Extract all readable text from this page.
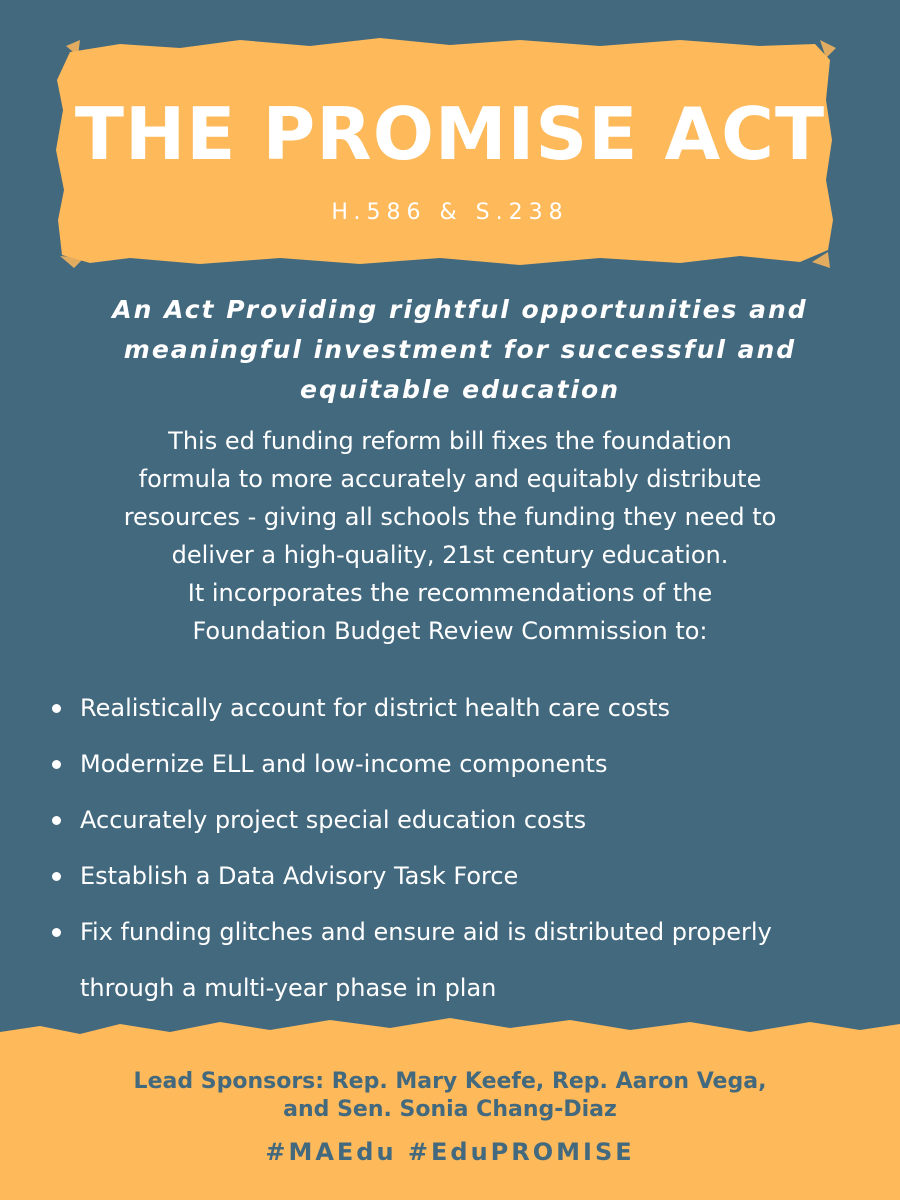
THE PROMISE ACT
H.586 & S.238

An Act Providing rightful opportunities and
meaningful investment for successful and
equitable education

This ed funding reform bill fixes the foundation
formula to more accurately and equitably distribute
resources - giving all schools the funding they need to
deliver a high-quality, 21st century education.
It incorporates the recommendations of the
Foundation Budget Review Commission to:

Realistically account for district health care costs
Modernize ELL and low-income components
Accurately project special education costs
Establish a Data Advisory Task Force
Fix funding glitches and ensure aid is distributed properly through a multi-year phase in plan

Lead Sponsors: Rep. Mary Keefe, Rep. Aaron Vega,
and Sen. Sonia Chang-Diaz

#MAEdu #EduPROMISE
